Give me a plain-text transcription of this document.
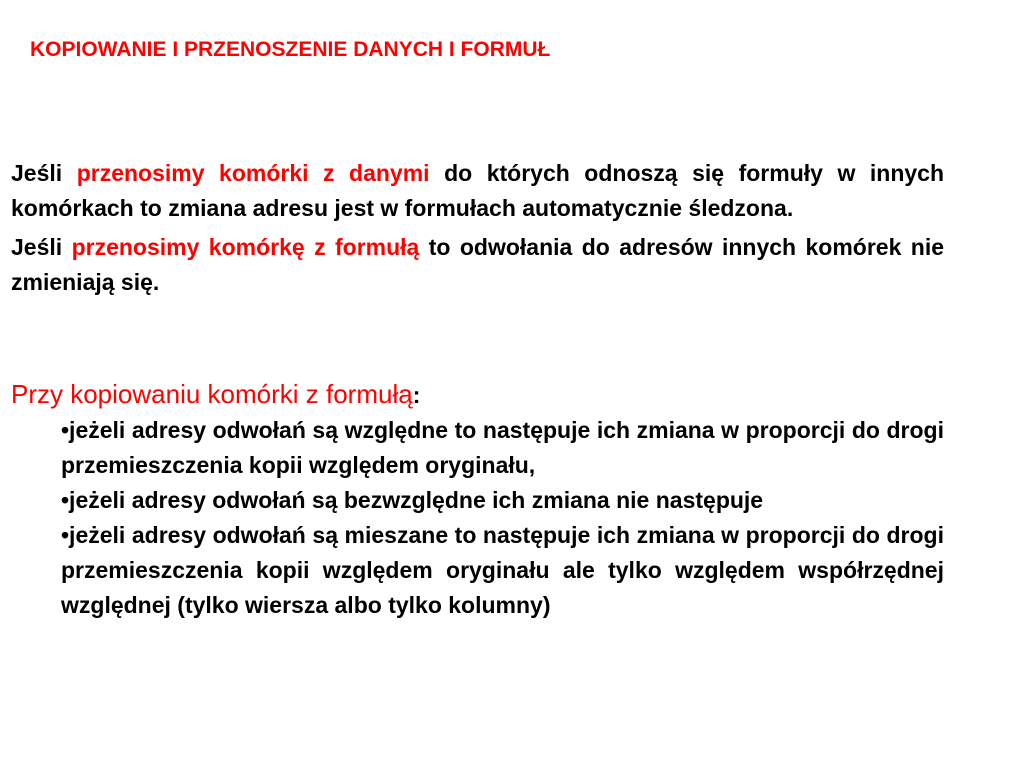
KOPIOWANIE I PRZENOSZENIE DANYCH I FORMUŁ

Jeśli przenosimy komórki z danymi do których odnoszą się formuły w innych komórkach to zmiana adresu jest w formułach automatycznie śledzona.

Jeśli przenosimy komórkę z formułą to odwołania do adresów innych komórek nie zmieniają się.

Przy kopiowaniu komórki z formułą:
•jeżeli adresy odwołań są względne to następuje ich zmiana w proporcji do drogi przemieszczenia kopii względem oryginału,
•jeżeli adresy odwołań są bezwzględne ich zmiana nie następuje
•jeżeli adresy odwołań są mieszane to następuje ich zmiana w proporcji do drogi przemieszczenia kopii względem oryginału ale tylko względem współrzędnej względnej (tylko wiersza albo tylko kolumny)
